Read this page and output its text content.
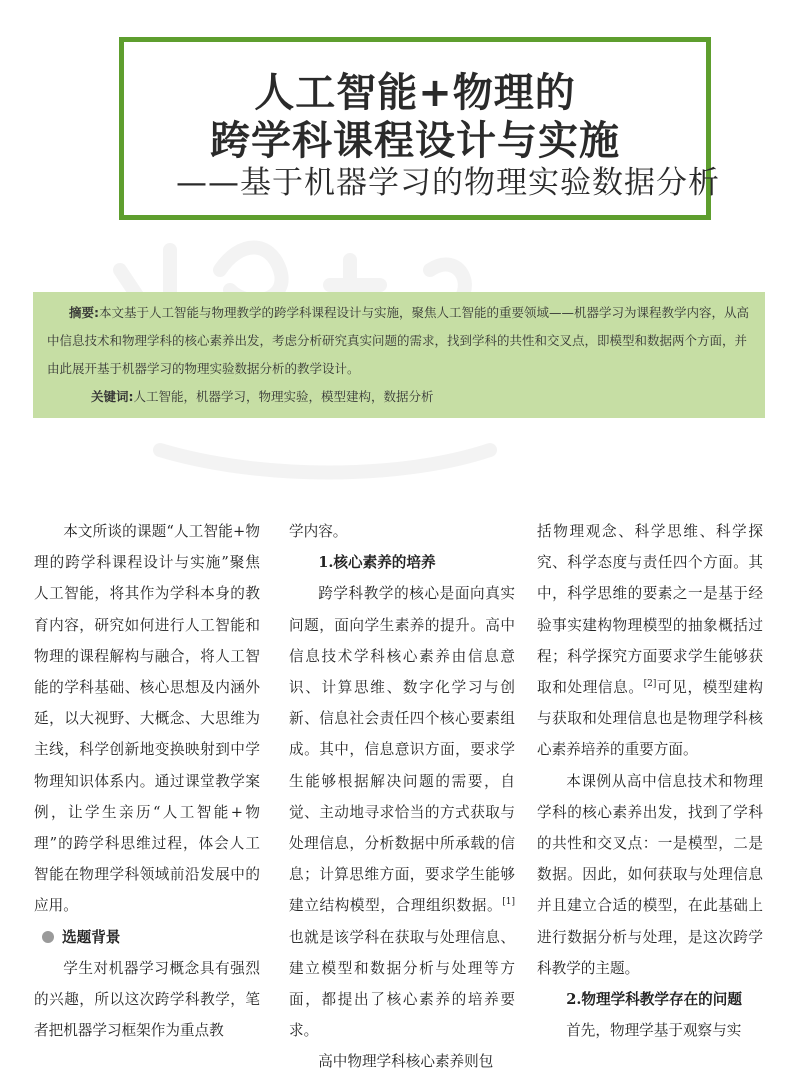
人工智能+物理的
跨学科课程设计与实施
——基于机器学习的物理实验数据分析

摘要:本文基于人工智能与物理教学的跨学科课程设计与实施，聚焦人工智能的重要领域——机器学习为课程教学内容，从高中信息技术和物理学科的核心素养出发，考虑分析研究真实问题的需求，找到学科的共性和交叉点，即模型和数据两个方面，并由此展开基于机器学习的物理实验数据分析的教学设计。

关键词:人工智能，机器学习，物理实验，模型建构，数据分析

本文所谈的课题“人工智能+物理的跨学科课程设计与实施”聚焦人工智能，将其作为学科本身的教育内容，研究如何进行人工智能和物理的课程解构与融合，将人工智能的学科基础、核心思想及内涵外延，以大视野、大概念、大思维为主线，科学创新地变换映射到中学物理知识体系内。通过课堂教学案例，让学生亲历“人工智能+物理”的跨学科思维过程，体会人工智能在物理学科领域前沿发展中的应用。

选题背景

学生对机器学习概念具有强烈的兴趣，所以这次跨学科教学，笔者把机器学习框架作为重点教

学内容。

1.核心素养的培养

跨学科教学的核心是面向真实问题，面向学生素养的提升。高中信息技术学科核心素养由信息意识、计算思维、数字化学习与创新、信息社会责任四个核心要素组成。其中，信息意识方面，要求学生能够根据解决问题的需要，自觉、主动地寻求恰当的方式获取与处理信息，分析数据中所承载的信息；计算思维方面，要求学生能够建立结构模型，合理组织数据。[1]也就是该学科在获取与处理信息、建立模型和数据分析与处理等方面，都提出了核心素养的培养要求。

高中物理学科核心素养则包

括物理观念、科学思维、科学探究、科学态度与责任四个方面。其中，科学思维的要素之一是基于经验事实建构物理模型的抽象概括过程；科学探究方面要求学生能够获取和处理信息。[2]可见，模型建构与获取和处理信息也是物理学科核心素养培养的重要方面。

本课例从高中信息技术和物理学科的核心素养出发，找到了学科的共性和交叉点：一是模型，二是数据。因此，如何获取与处理信息并且建立合适的模型，在此基础上进行数据分析与处理，是这次跨学科教学的主题。

2.物理学科教学存在的问题

首先，物理学基于观察与实
